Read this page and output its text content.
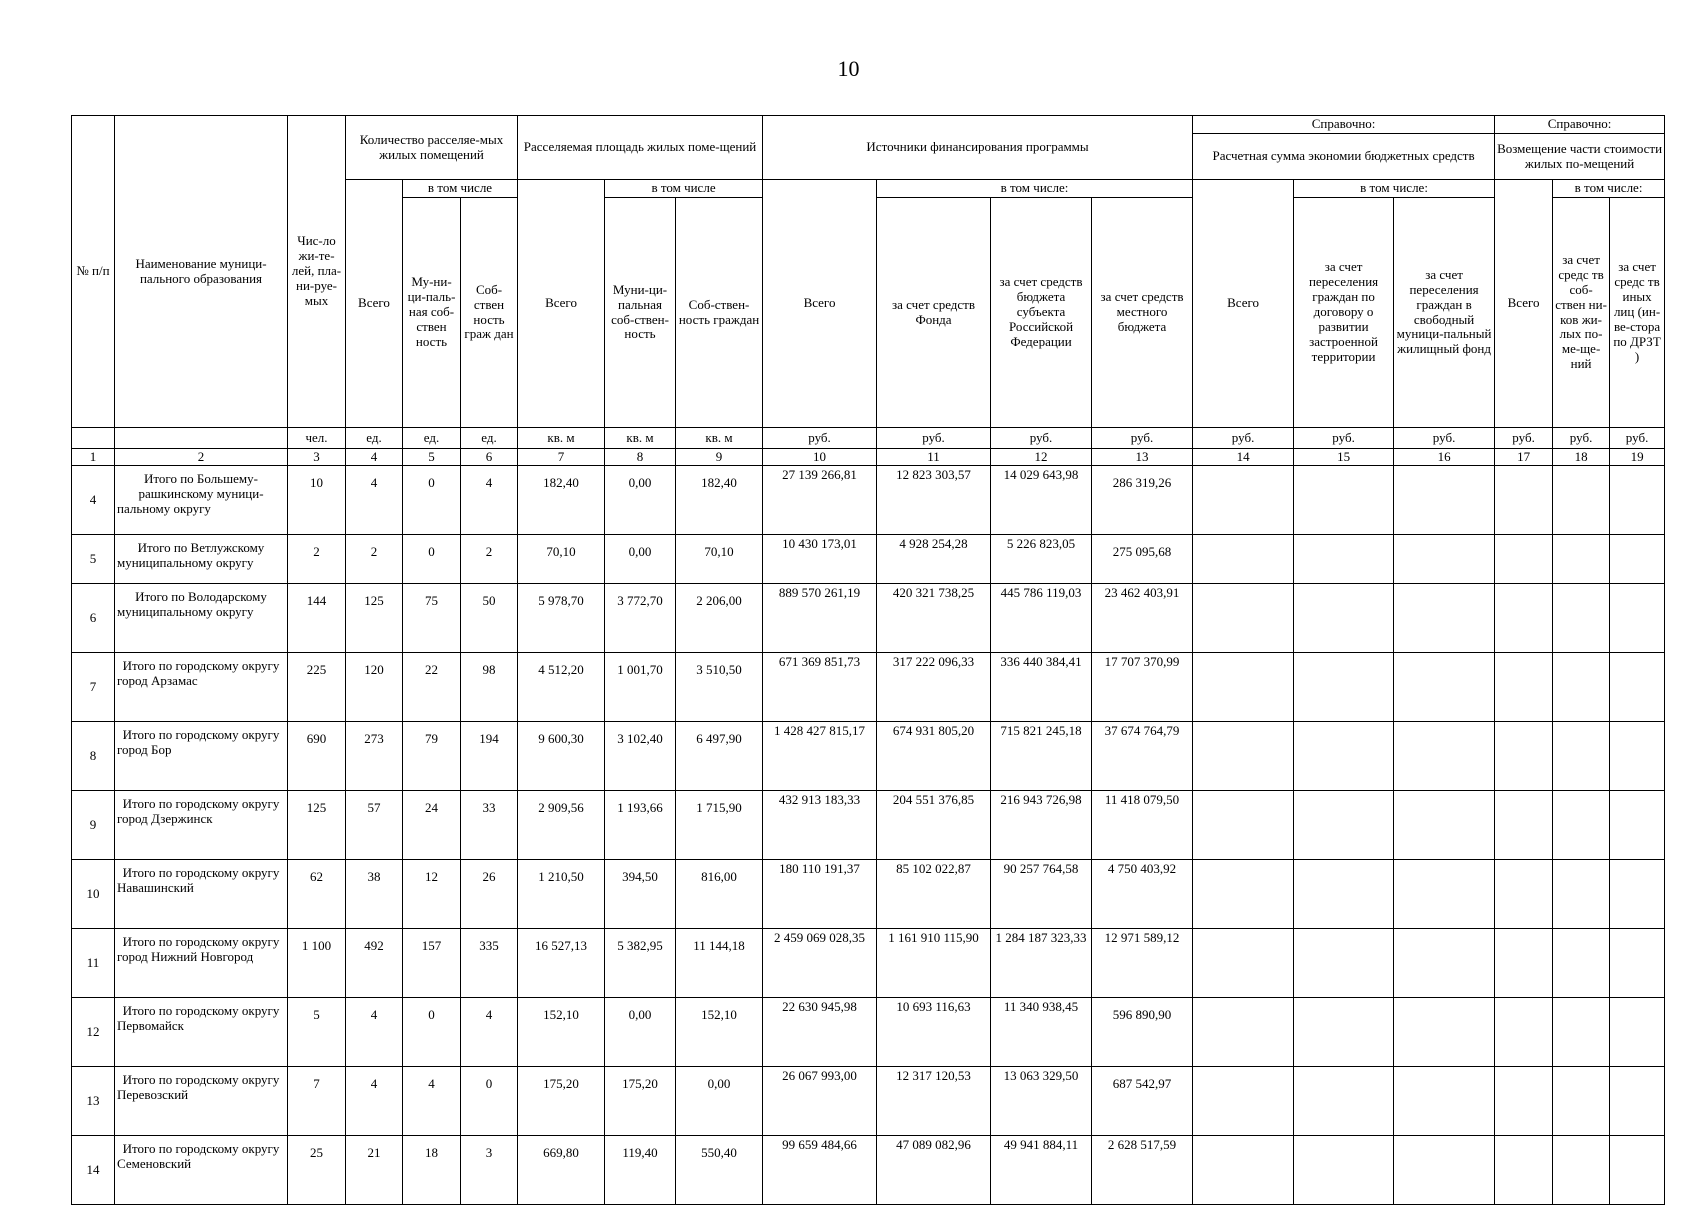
10
№ п/п	Наименование муници-пального образования	Чис-ло жи-те-лей, пла-ни-руе-мых	Количество расселяе-мых жилых помещений			Расселяемая площадь жилых поме-щений			Источники финансирования программы				Справочно:			Справочно:		
													Расчетная сумма экономии бюджетных средств			Возмещение части стоимости жилых по-мещений		
			Всего	в том числе		Всего	в том числе		Всего	в том числе:			Всего	в том числе:		Всего	в том числе:	
				Му-ни-ци-паль-ная соб-ствен ность	Соб-ствен ность граж дан		Муни-ци-пальная соб-ствен-ность	Соб-ствен-ность граждан		за счет средств Фонда	за счет средств бюджета субъекта Российской Федерации	за счет средств местного бюджета		за счет переселения граждан по договору о развитии застроенной территории	за счет переселения граждан в свободный муници-пальный жилищный фонд		за счет средс тв соб-ствен ни-ков жи-лых по-ме-ще-ний	за счет средс тв иных лиц (ин-ве-стора по ДРЗТ )
		чел.	ед.	ед.	ед.	кв. м	кв. м	кв. м	руб.	руб.	руб.	руб.	руб.	руб.	руб.	руб.	руб.	руб.
1	2	3	4	5	6	7	8	9	10	11	12	13	14	15	16	17	18	19
4	Итого по Большему-рашкинскому муници-пальному округу	10	4	0	4	182,40	0,00	182,40	27 139 266,81	12 823 303,57	14 029 643,98	286 319,26						
5	Итого по Ветлужскому муниципальному округу	2	2	0	2	70,10	0,00	70,10	10 430 173,01	4 928 254,28	5 226 823,05	275 095,68						
6	Итого по Володарскому муниципальному округу	144	125	75	50	5 978,70	3 772,70	2 206,00	889 570 261,19	420 321 738,25	445 786 119,03	23 462 403,91						
7	Итого по городскому округу город Арзамас	225	120	22	98	4 512,20	1 001,70	3 510,50	671 369 851,73	317 222 096,33	336 440 384,41	17 707 370,99						
8	Итого по городскому округу город Бор	690	273	79	194	9 600,30	3 102,40	6 497,90	1 428 427 815,17	674 931 805,20	715 821 245,18	37 674 764,79						
9	Итого по городскому округу город Дзержинск	125	57	24	33	2 909,56	1 193,66	1 715,90	432 913 183,33	204 551 376,85	216 943 726,98	11 418 079,50						
10	Итого по городскому округу Навашинский	62	38	12	26	1 210,50	394,50	816,00	180 110 191,37	85 102 022,87	90 257 764,58	4 750 403,92						
11	Итого по городскому округу город Нижний Новгород	1 100	492	157	335	16 527,13	5 382,95	11 144,18	2 459 069 028,35	1 161 910 115,90	1 284 187 323,33	12 971 589,12						
12	Итого по городскому округу Первомайск	5	4	0	4	152,10	0,00	152,10	22 630 945,98	10 693 116,63	11 340 938,45	596 890,90						
13	Итого по городскому округу Перевозский	7	4	4	0	175,20	175,20	0,00	26 067 993,00	12 317 120,53	13 063 329,50	687 542,97						
14	Итого по городскому округу Семеновский	25	21	18	3	669,80	119,40	550,40	99 659 484,66	47 089 082,96	49 941 884,11	2 628 517,59						
